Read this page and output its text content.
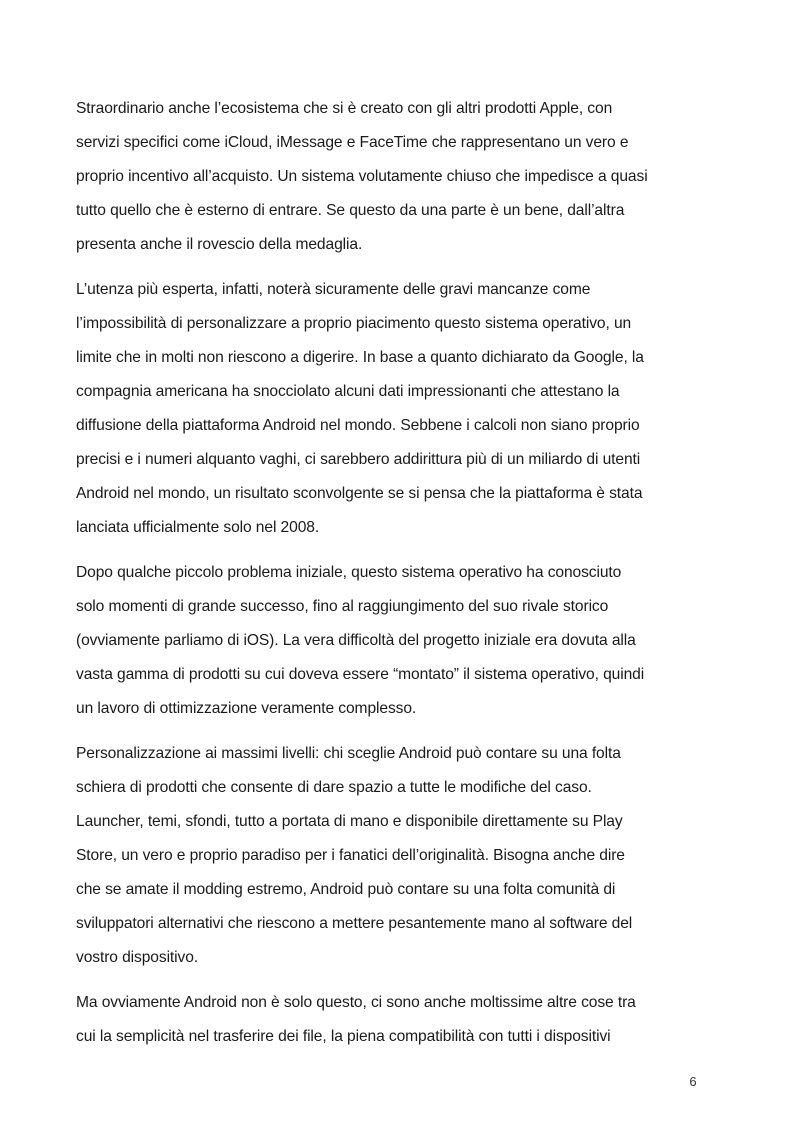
Straordinario anche l’ecosistema che si è creato con gli altri prodotti Apple, con
servizi specifici come iCloud, iMessage e FaceTime che rappresentano un vero e
proprio incentivo all’acquisto. Un sistema volutamente chiuso che impedisce a quasi
tutto quello che è esterno di entrare. Se questo da una parte è un bene, dall’altra
presenta anche il rovescio della medaglia.

L’utenza più esperta, infatti, noterà sicuramente delle gravi mancanze come
l’impossibilità di personalizzare a proprio piacimento questo sistema operativo, un
limite che in molti non riescono a digerire. In base a quanto dichiarato da Google, la
compagnia americana ha snocciolato alcuni dati impressionanti che attestano la
diffusione della piattaforma Android nel mondo. Sebbene i calcoli non siano proprio
precisi e i numeri alquanto vaghi, ci sarebbero addirittura più di un miliardo di utenti
Android nel mondo, un risultato sconvolgente se si pensa che la piattaforma è stata
lanciata ufficialmente solo nel 2008.

Dopo qualche piccolo problema iniziale, questo sistema operativo ha conosciuto
solo momenti di grande successo, fino al raggiungimento del suo rivale storico
(ovviamente parliamo di iOS). La vera difficoltà del progetto iniziale era dovuta alla
vasta gamma di prodotti su cui doveva essere “montato” il sistema operativo, quindi
un lavoro di ottimizzazione veramente complesso.

Personalizzazione ai massimi livelli: chi sceglie Android può contare su una folta
schiera di prodotti che consente di dare spazio a tutte le modifiche del caso.
Launcher, temi, sfondi, tutto a portata di mano e disponibile direttamente su Play
Store, un vero e proprio paradiso per i fanatici dell’originalità. Bisogna anche dire
che se amate il modding estremo, Android può contare su una folta comunità di
sviluppatori alternativi che riescono a mettere pesantemente mano al software del
vostro dispositivo.

Ma ovviamente Android non è solo questo, ci sono anche moltissime altre cose tra
cui la semplicità nel trasferire dei file, la piena compatibilità con tutti i dispositivi

6
